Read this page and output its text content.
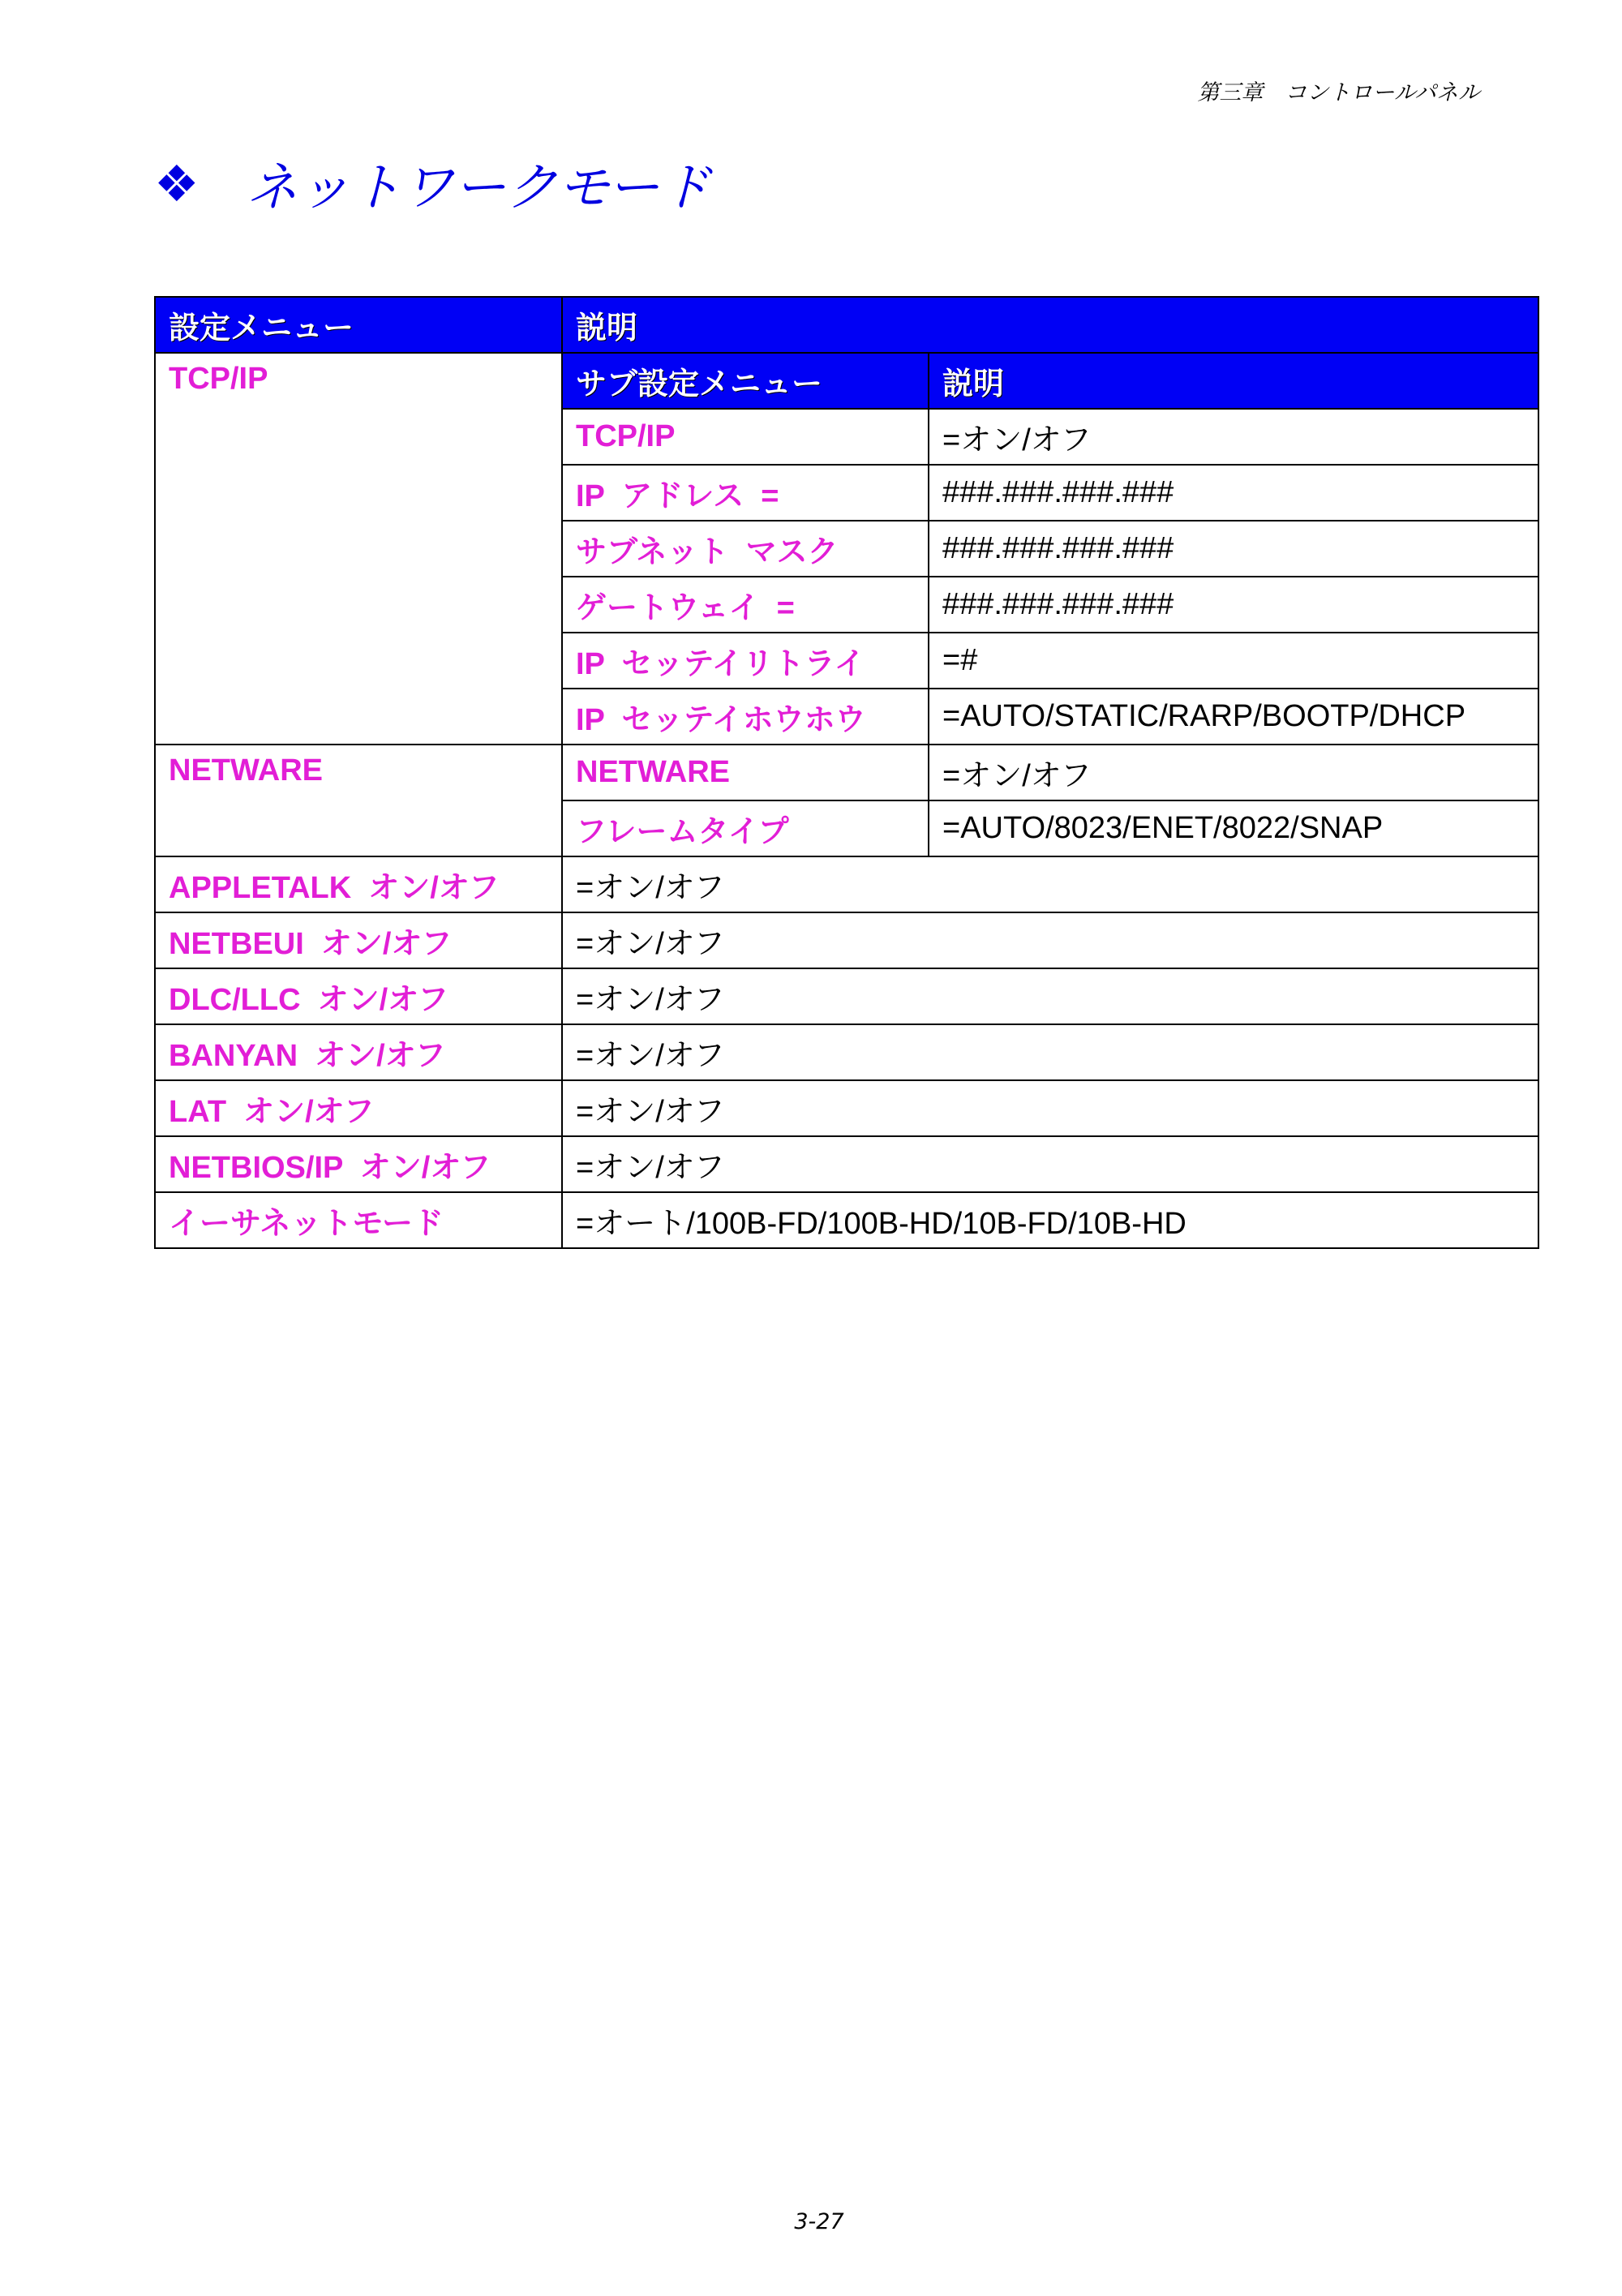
第三章　コントロールパネル
❖ ネットワークモード
設定メニュー	説明	
TCP/IP	サブ設定メニュー	説明
	TCP/IP	=オン/オフ
	IP  アドレス  =	###.###.###.###
	サブネット  マスク	###.###.###.###
	ゲートウェイ  =	###.###.###.###
	IP  セッテイリトライ	=#
	IP  セッテイホウホウ	=AUTO/STATIC/RARP/BOOTP/DHCP
NETWARE	NETWARE	=オン/オフ
	フレームタイプ	=AUTO/8023/ENET/8022/SNAP
APPLETALK  オン/オフ	=オン/オフ	
NETBEUI  オン/オフ	=オン/オフ	
DLC/LLC  オン/オフ	=オン/オフ	
BANYAN  オン/オフ	=オン/オフ	
LAT  オン/オフ	=オン/オフ	
NETBIOS/IP  オン/オフ	=オン/オフ	
イーサネットモード	=オート/100B-FD/100B-HD/10B-FD/10B-HD	
3-27
